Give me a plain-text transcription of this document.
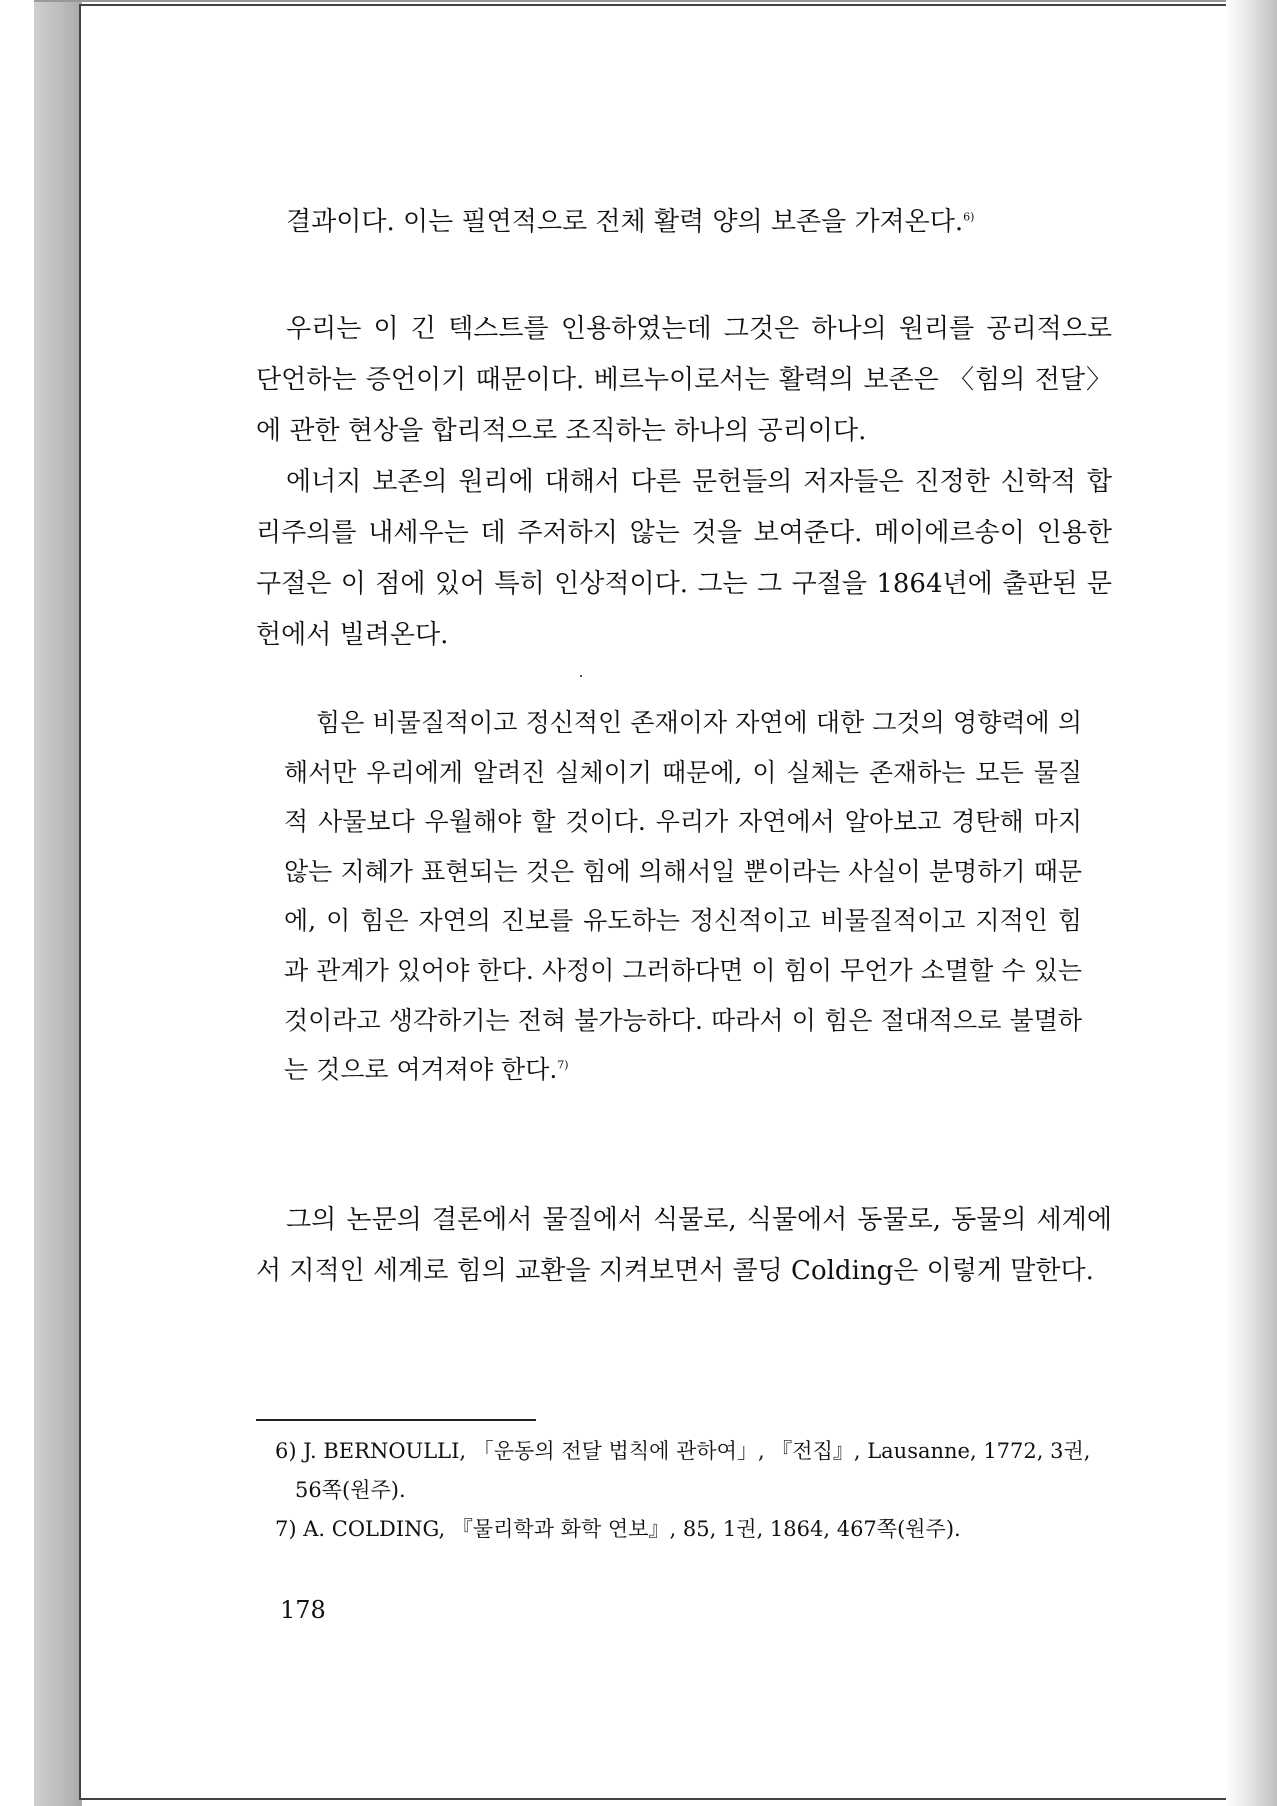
결과이다. 이는 필연적으로 전체 활력 양의 보존을 가져온다.$^{6)}$

우리는 이 긴 텍스트를 인용하였는데 그것은 하나의 원리를 공리적으로 단언하는 증언이기 때문이다. 베르누이로서는 활력의 보존은 〈힘의 전달〉에 관한 현상을 합리적으로 조직하는 하나의 공리이다.

에너지 보존의 원리에 대해서 다른 문헌들의 저자들은 진정한 신학적 합리주의를 내세우는 데 주저하지 않는 것을 보여준다. 메이에르송이 인용한 구절은 이 점에 있어 특히 인상적이다. 그는 그 구절을 1864년에 출판된 문헌에서 빌려온다.

힘은 비물질적이고 정신적인 존재이자 자연에 대한 그것의 영향력에 의해서만 우리에게 알려진 실체이기 때문에, 이 실체는 존재하는 모든 물질적 사물보다 우월해야 할 것이다. 우리가 자연에서 알아보고 경탄해 마지않는 지혜가 표현되는 것은 힘에 의해서일 뿐이라는 사실이 분명하기 때문에, 이 힘은 자연의 진보를 유도하는 정신적이고 비물질적이고 지적인 힘과 관계가 있어야 한다. 사정이 그러하다면 이 힘이 무언가 소멸할 수 있는 것이라고 생각하기는 전혀 불가능하다. 따라서 이 힘은 절대적으로 불멸하는 것으로 여겨져야 한다.$^{7)}$

그의 논문의 결론에서 물질에서 식물로, 식물에서 동물로, 동물의 세계에서 지적인 세계로 힘의 교환을 지켜보면서 콜딩 Colding은 이렇게 말한다.

6) J. BERNOULLI, 「운동의 전달 법칙에 관하여」, 『전집』, Lausanne, 1772, 3권, 56쪽(원주).

7) A. COLDING, 『물리학과 화학 연보』, 85, 1권, 1864, 467쪽(원주).

178
